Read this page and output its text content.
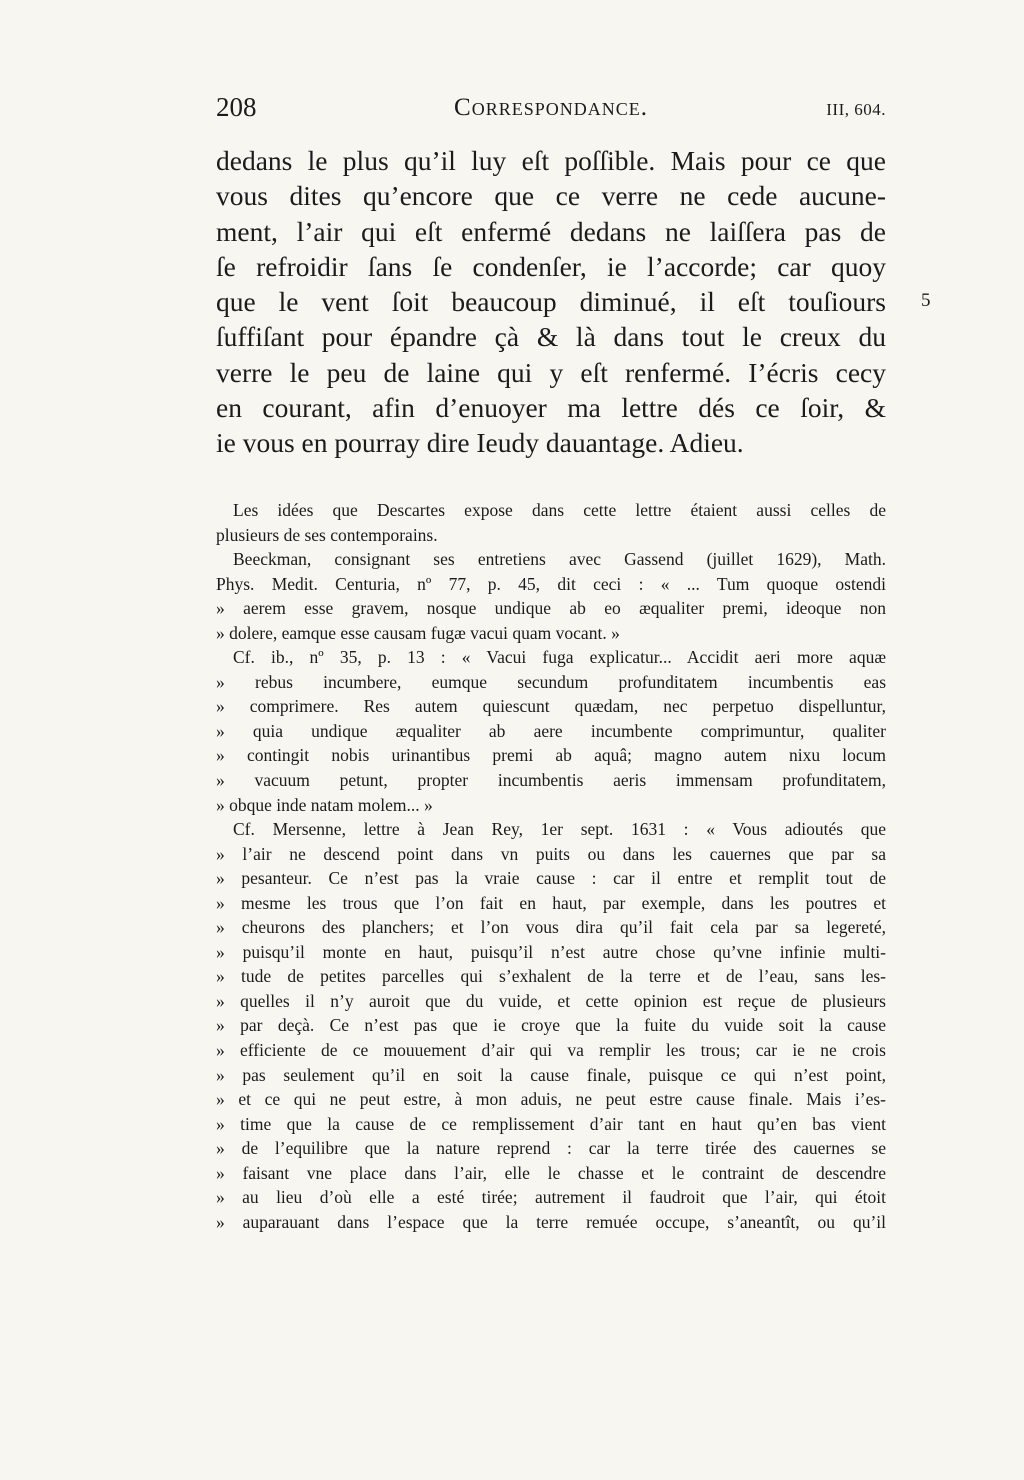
208	Correspondance.	III, 604.
dedans le plus qu’il luy eſt poſſible. Mais pour ce que
vous dites qu’encore que ce verre ne cede aucune-
ment, l’air qui eſt enfermé dedans ne laiſſera pas de
ſe refroidir ſans ſe condenſer, ie l’accorde; car quoy
que le vent ſoit beaucoup diminué, il eſt touſiours
ſuffiſant pour épandre çà & là dans tout le creux du
verre le peu de laine qui y eſt renfermé. I’écris cecy
en courant, afin d’enuoyer ma lettre dés ce ſoir, &
ie vous en pourray dire Ieudy dauantage. Adieu.
5
Les idées que Descartes expose dans cette lettre étaient aussi celles de
plusieurs de ses contemporains.
Beeckman, consignant ses entretiens avec Gassend (juillet 1629), Math.
Phys. Medit. Centuria, nº 77, p. 45, dit ceci : « ... Tum quoque ostendi
» aerem esse gravem, nosque undique ab eo æqualiter premi, ideoque non
» dolere, eamque esse causam fugæ vacui quam vocant. »
Cf. ib., nº 35, p. 13 : « Vacui fuga explicatur... Accidit aeri more aquæ
» rebus incumbere, eumque secundum profunditatem incumbentis eas
» comprimere. Res autem quiescunt quædam, nec perpetuo dispelluntur,
» quia undique æqualiter ab aere incumbente comprimuntur, qualiter
» contingit nobis urinantibus premi ab aquâ; magno autem nixu locum
» vacuum petunt, propter incumbentis aeris immensam profunditatem,
» obque inde natam molem... »
Cf. Mersenne, lettre à Jean Rey, 1er sept. 1631 : « Vous adioutés que
» l’air ne descend point dans vn puits ou dans les cauernes que par sa
» pesanteur. Ce n’est pas la vraie cause : car il entre et remplit tout de
» mesme les trous que l’on fait en haut, par exemple, dans les poutres et
» cheurons des planchers; et l’on vous dira qu’il fait cela par sa legereté,
» puisqu’il monte en haut, puisqu’il n’est autre chose qu’vne infinie multi-
» tude de petites parcelles qui s’exhalent de la terre et de l’eau, sans les-
» quelles il n’y auroit que du vuide, et cette opinion est reçue de plusieurs
» par deçà. Ce n’est pas que ie croye que la fuite du vuide soit la cause
» efficiente de ce mouuement d’air qui va remplir les trous; car ie ne crois
» pas seulement qu’il en soit la cause finale, puisque ce qui n’est point,
» et ce qui ne peut estre, à mon aduis, ne peut estre cause finale. Mais i’es-
» time que la cause de ce remplissement d’air tant en haut qu’en bas vient
» de l’equilibre que la nature reprend : car la terre tirée des cauernes se
» faisant vne place dans l’air, elle le chasse et le contraint de descendre
» au lieu d’où elle a esté tirée; autrement il faudroit que l’air, qui étoit
» auparauant dans l’espace que la terre remuée occupe, s’aneantît, ou qu’il
